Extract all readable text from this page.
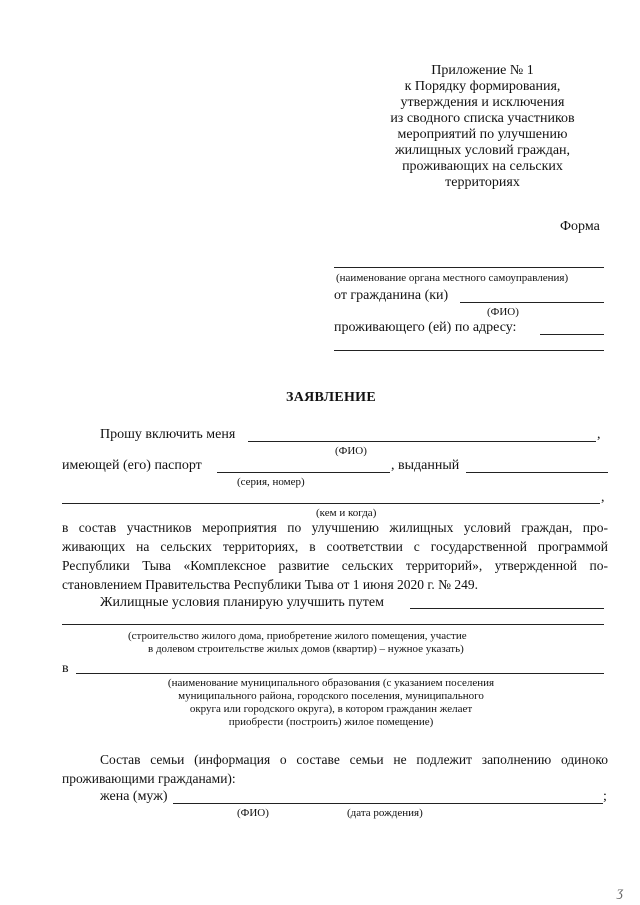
Приложение № 1
к Порядку формирования,
утверждения и исключения
из сводного списка участников
мероприятий по улучшению
жилищных условий граждан,
проживающих на сельских
территориях
Форма
(наименование органа местного самоуправления)
от гражданина (ки)
(ФИО)
проживающего (ей) по адресу:
ЗАЯВЛЕНИЕ
Прошу включить меня	,
(ФИО)
имеющей (его) паспорт	, выданный
(серия, номер)
,
(кем и когда)
в состав участников мероприятия по улучшению жилищных условий граждан, про-
живающих на сельских территориях, в соответствии с государственной программой
Республики Тыва «Комплексное развитие сельских территорий», утвержденной по-
становлением Правительства Республики Тыва от 1 июня 2020 г. № 249.
Жилищные условия планирую улучшить путем
(строительство жилого дома, приобретение жилого помещения, участие
в долевом строительстве жилых домов (квартир) – нужное указать)
в
(наименование муниципального образования (с указанием поселения
муниципального района, городского поселения, муниципального
округа или городского округа), в котором гражданин желает
приобрести (построить) жилое помещение)
Состав семьи (информация о составе семьи не подлежит заполнению одиноко
проживающими гражданами):
жена (муж)	;
(ФИО)	(дата рождения)
ʒ
